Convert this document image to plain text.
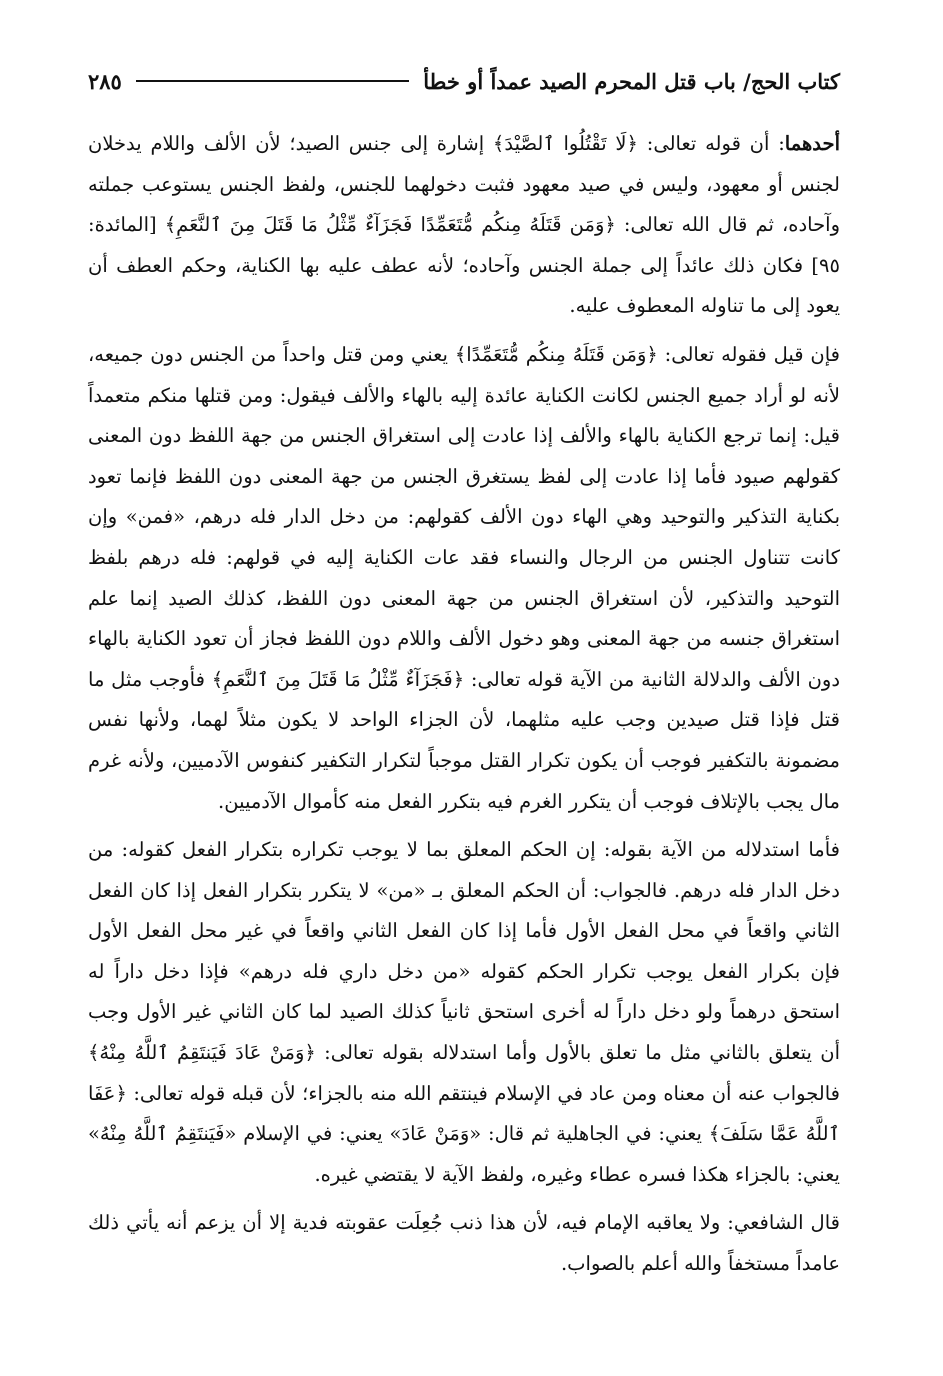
كتاب الحج/ باب قتل المحرم الصيد عمداً أو خطأ
٢٨٥

أحدهما: أن قوله تعالى: ﴿لَا تَقْتُلُوا ٱلصَّيْدَ﴾ إشارة إلى جنس الصيد؛ لأن الألف واللام يدخلان لجنس أو معهود، وليس في صيد معهود فثبت دخولهما للجنس، ولفظ الجنس يستوعب جملته وآحاده، ثم قال الله تعالى: ﴿وَمَن قَتَلَهُ مِنكُم مُّتَعَمِّدًا فَجَزَآءٌ مِّثْلُ مَا قَتَلَ مِنَ ٱلنَّعَمِ﴾ [المائدة: ٩٥] فكان ذلك عائداً إلى جملة الجنس وآحاده؛ لأنه عطف عليه بها الكناية، وحكم العطف أن يعود إلى ما تناوله المعطوف عليه.

فإن قيل فقوله تعالى: ﴿وَمَن قَتَلَهُ مِنكُم مُّتَعَمِّدًا﴾ يعني ومن قتل واحداً من الجنس دون جميعه، لأنه لو أراد جميع الجنس لكانت الكناية عائدة إليه بالهاء والألف فيقول: ومن قتلها منكم متعمداً قيل: إنما ترجع الكناية بالهاء والألف إذا عادت إلى استغراق الجنس من جهة اللفظ دون المعنى كقولهم صيود فأما إذا عادت إلى لفظ يستغرق الجنس من جهة المعنى دون اللفظ فإنما تعود بكناية التذكير والتوحيد وهي الهاء دون الألف كقولهم: من دخل الدار فله درهم، «فمن» وإن كانت تتناول الجنس من الرجال والنساء فقد عات الكناية إليه في قولهم: فله درهم بلفظ التوحيد والتذكير، لأن استغراق الجنس من جهة المعنى دون اللفظ، كذلك الصيد إنما علم استغراق جنسه من جهة المعنى وهو دخول الألف واللام دون اللفظ فجاز أن تعود الكناية بالهاء دون الألف والدلالة الثانية من الآية قوله تعالى: ﴿فَجَزَآءٌ مِّثْلُ مَا قَتَلَ مِنَ ٱلنَّعَمِ﴾ فأوجب مثل ما قتل فإذا قتل صيدين وجب عليه مثلهما، لأن الجزاء الواحد لا يكون مثلاً لهما، ولأنها نفس مضمونة بالتكفير فوجب أن يكون تكرار القتل موجباً لتكرار التكفير كنفوس الآدميين، ولأنه غرم مال يجب بالإتلاف فوجب أن يتكرر الغرم فيه بتكرر الفعل منه كأموال الآدميين.

فأما استدلاله من الآية بقوله: إن الحكم المعلق بما لا يوجب تكراره بتكرار الفعل كقوله: من دخل الدار فله درهم. فالجواب: أن الحكم المعلق بـ «من» لا يتكرر بتكرار الفعل إذا كان الفعل الثاني واقعاً في محل الفعل الأول فأما إذا كان الفعل الثاني واقعاً في غير محل الفعل الأول فإن بكرار الفعل يوجب تكرار الحكم كقوله «من دخل داري فله درهم» فإذا دخل داراً له استحق درهماً ولو دخل داراً له أخرى استحق ثانياً كذلك الصيد لما كان الثاني غير الأول وجب أن يتعلق بالثاني مثل ما تعلق بالأول وأما استدلاله بقوله تعالى: ﴿وَمَنْ عَادَ فَيَنتَقِمُ ٱللَّهُ مِنْهُ﴾ فالجواب عنه أن معناه ومن عاد في الإسلام فينتقم الله منه بالجزاء؛ لأن قبله قوله تعالى: ﴿عَفَا ٱللَّهُ عَمَّا سَلَفَ﴾ يعني: في الجاهلية ثم قال: «وَمَنْ عَادَ» يعني: في الإسلام «فَيَنتَقِمُ ٱللَّهُ مِنْهُ» يعني: بالجزاء هكذا فسره عطاء وغيره، ولفظ الآية لا يقتضي غيره.

قال الشافعي: ولا يعاقبه الإمام فيه، لأن هذا ذنب جُعِلَت عقوبته فدية إلا أن يزعم أنه يأتي ذلك عامداً مستخفاً والله أعلم بالصواب.
